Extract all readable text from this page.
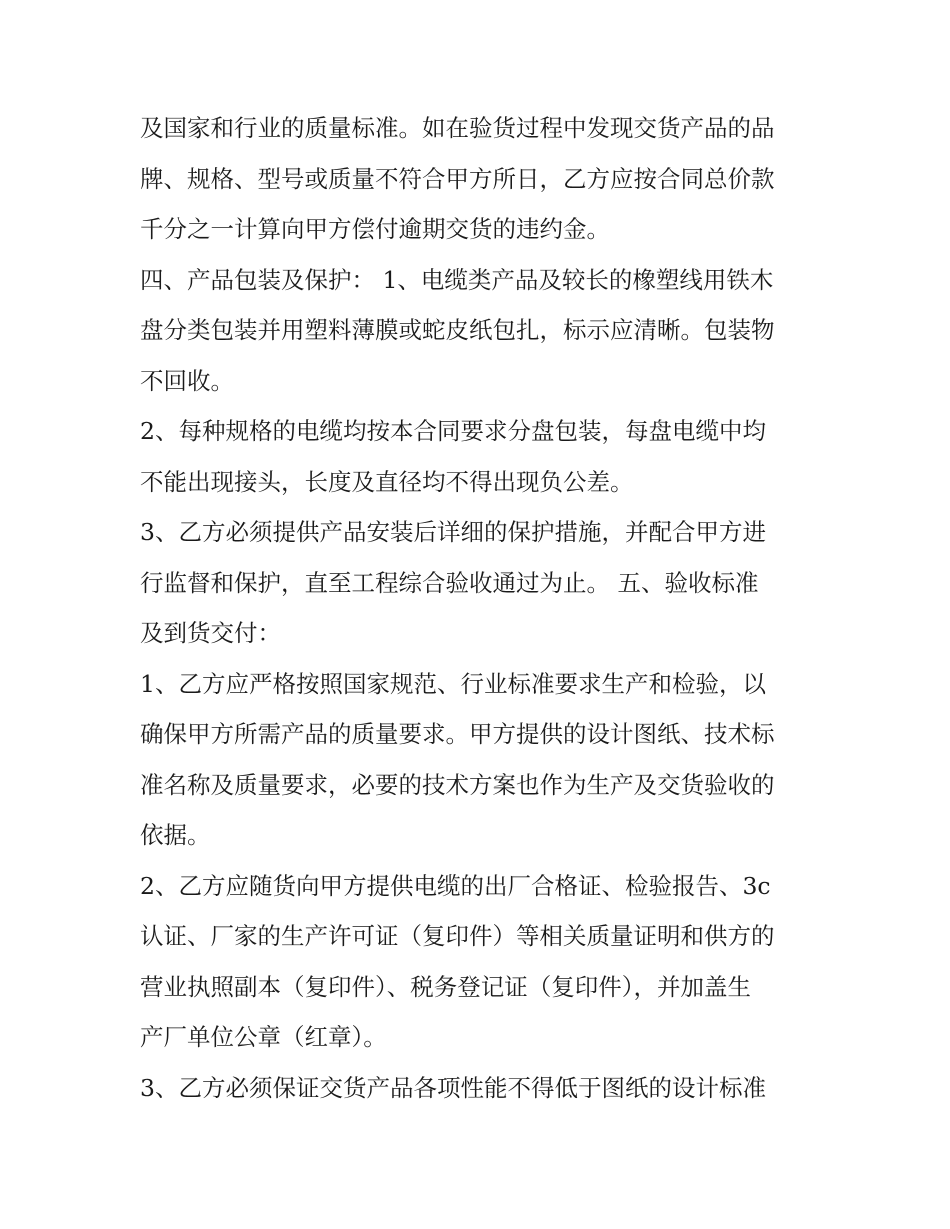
及国家和行业的质量标准。如在验货过程中发现交货产品的品
牌、规格、型号或质量不符合甲方所日，乙方应按合同总价款
千分之一计算向甲方偿付逾期交货的违约金。

四、产品包装及保护： 1、电缆类产品及较长的橡塑线用铁木
盘分类包装并用塑料薄膜或蛇皮纸包扎，标示应清晰。包装物
不回收。

2、每种规格的电缆均按本合同要求分盘包装，每盘电缆中均
不能出现接头，长度及直径均不得出现负公差。

3、乙方必须提供产品安装后详细的保护措施，并配合甲方进
行监督和保护，直至工程综合验收通过为止。 五、验收标准
及到货交付：

1、乙方应严格按照国家规范、行业标准要求生产和检验，以
确保甲方所需产品的质量要求。甲方提供的设计图纸、技术标
准名称及质量要求，必要的技术方案也作为生产及交货验收的
依据。

2、乙方应随货向甲方提供电缆的出厂合格证、检验报告、3c
认证、厂家的生产许可证（复印件）等相关质量证明和供方的
营业执照副本（复印件）、税务登记证（复印件），并加盖生
产厂单位公章（红章）。

3、乙方必须保证交货产品各项性能不得低于图纸的设计标准
